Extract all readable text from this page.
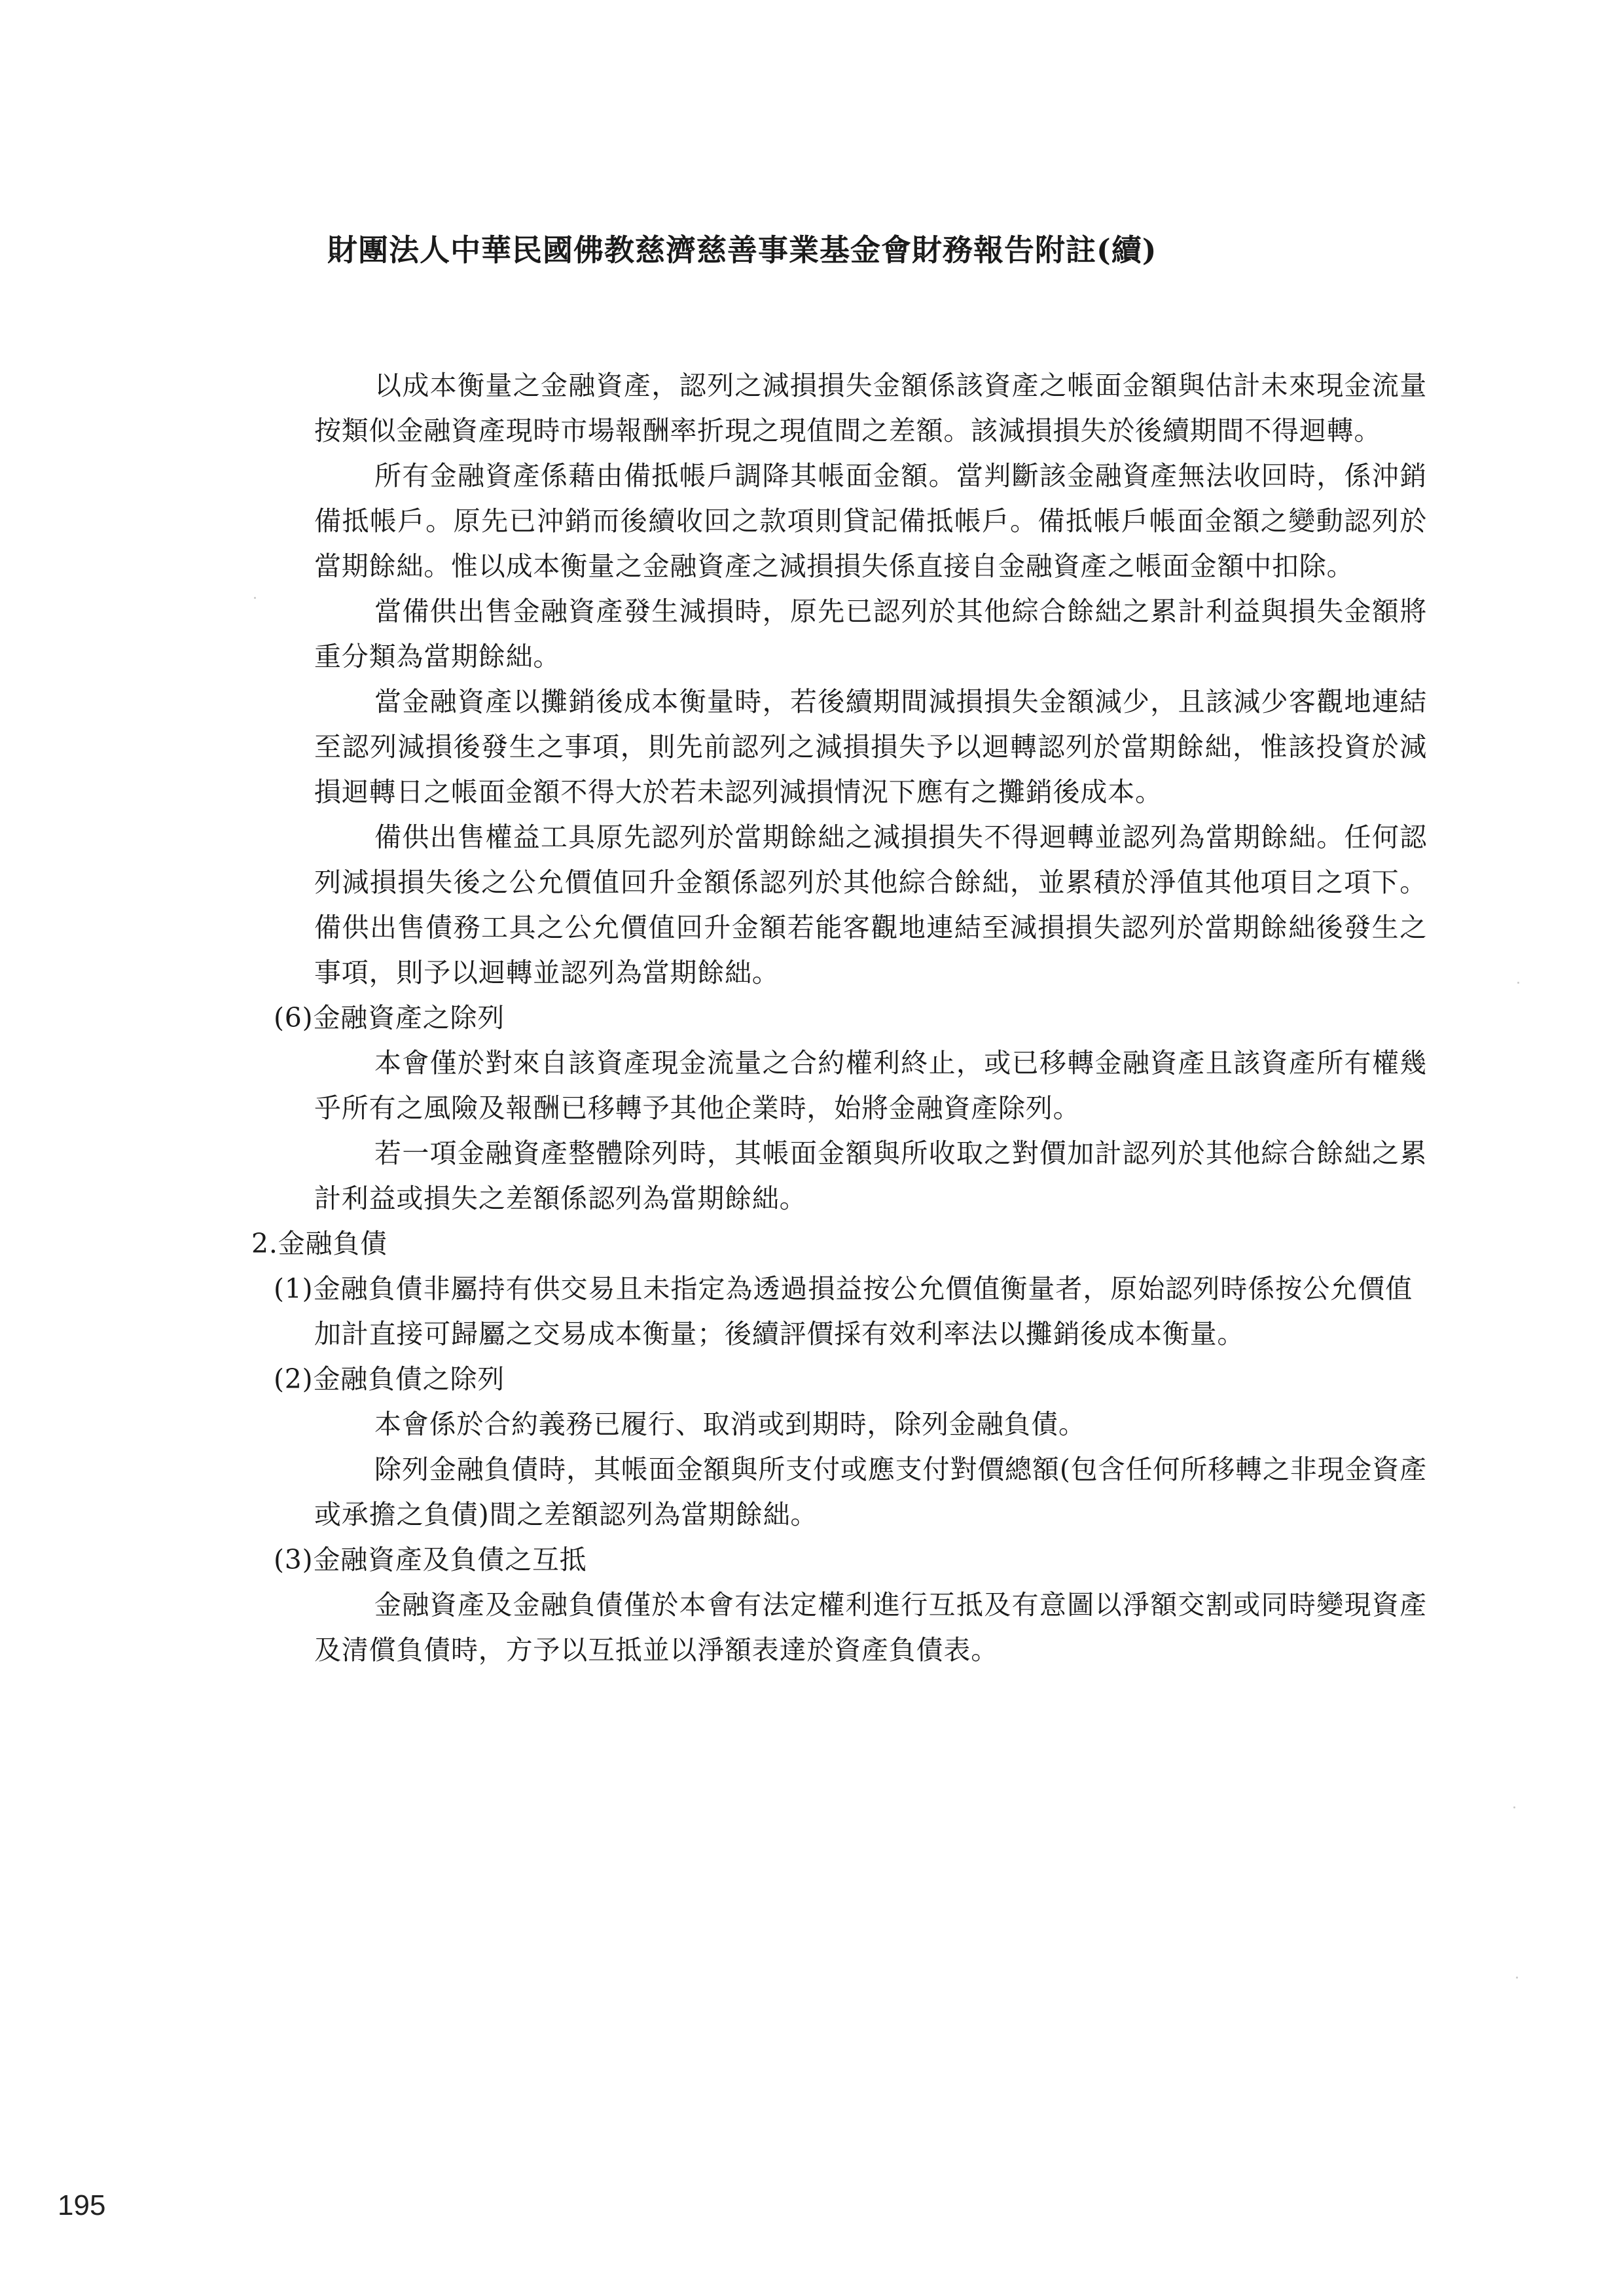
財團法人中華民國佛教慈濟慈善事業基金會財務報告附註(續)

以成本衡量之金融資產，認列之減損損失金額係該資產之帳面金額與估計未來現金流量按類似金融資產現時市場報酬率折現之現值間之差額。該減損損失於後續期間不得迴轉。

所有金融資產係藉由備抵帳戶調降其帳面金額。當判斷該金融資產無法收回時，係沖銷備抵帳戶。原先已沖銷而後續收回之款項則貸記備抵帳戶。備抵帳戶帳面金額之變動認列於當期餘絀。惟以成本衡量之金融資產之減損損失係直接自金融資產之帳面金額中扣除。

當備供出售金融資產發生減損時，原先已認列於其他綜合餘絀之累計利益與損失金額將重分類為當期餘絀。

當金融資產以攤銷後成本衡量時，若後續期間減損損失金額減少，且該減少客觀地連結至認列減損後發生之事項，則先前認列之減損損失予以迴轉認列於當期餘絀，惟該投資於減損迴轉日之帳面金額不得大於若未認列減損情況下應有之攤銷後成本。

備供出售權益工具原先認列於當期餘絀之減損損失不得迴轉並認列為當期餘絀。任何認列減損損失後之公允價值回升金額係認列於其他綜合餘絀，並累積於淨值其他項目之項下。備供出售債務工具之公允價值回升金額若能客觀地連結至減損損失認列於當期餘絀後發生之事項，則予以迴轉並認列為當期餘絀。

(6)金融資產之除列

本會僅於對來自該資產現金流量之合約權利終止，或已移轉金融資產且該資產所有權幾乎所有之風險及報酬已移轉予其他企業時，始將金融資產除列。

若一項金融資產整體除列時，其帳面金額與所收取之對價加計認列於其他綜合餘絀之累計利益或損失之差額係認列為當期餘絀。

2.金融負債

(1)金融負債非屬持有供交易且未指定為透過損益按公允價值衡量者，原始認列時係按公允價值加計直接可歸屬之交易成本衡量；後續評價採有效利率法以攤銷後成本衡量。

(2)金融負債之除列

本會係於合約義務已履行、取消或到期時，除列金融負債。

除列金融負債時，其帳面金額與所支付或應支付對價總額(包含任何所移轉之非現金資產或承擔之負債)間之差額認列為當期餘絀。

(3)金融資產及負債之互抵

金融資產及金融負債僅於本會有法定權利進行互抵及有意圖以淨額交割或同時變現資產及清償負債時，方予以互抵並以淨額表達於資產負債表。

195
